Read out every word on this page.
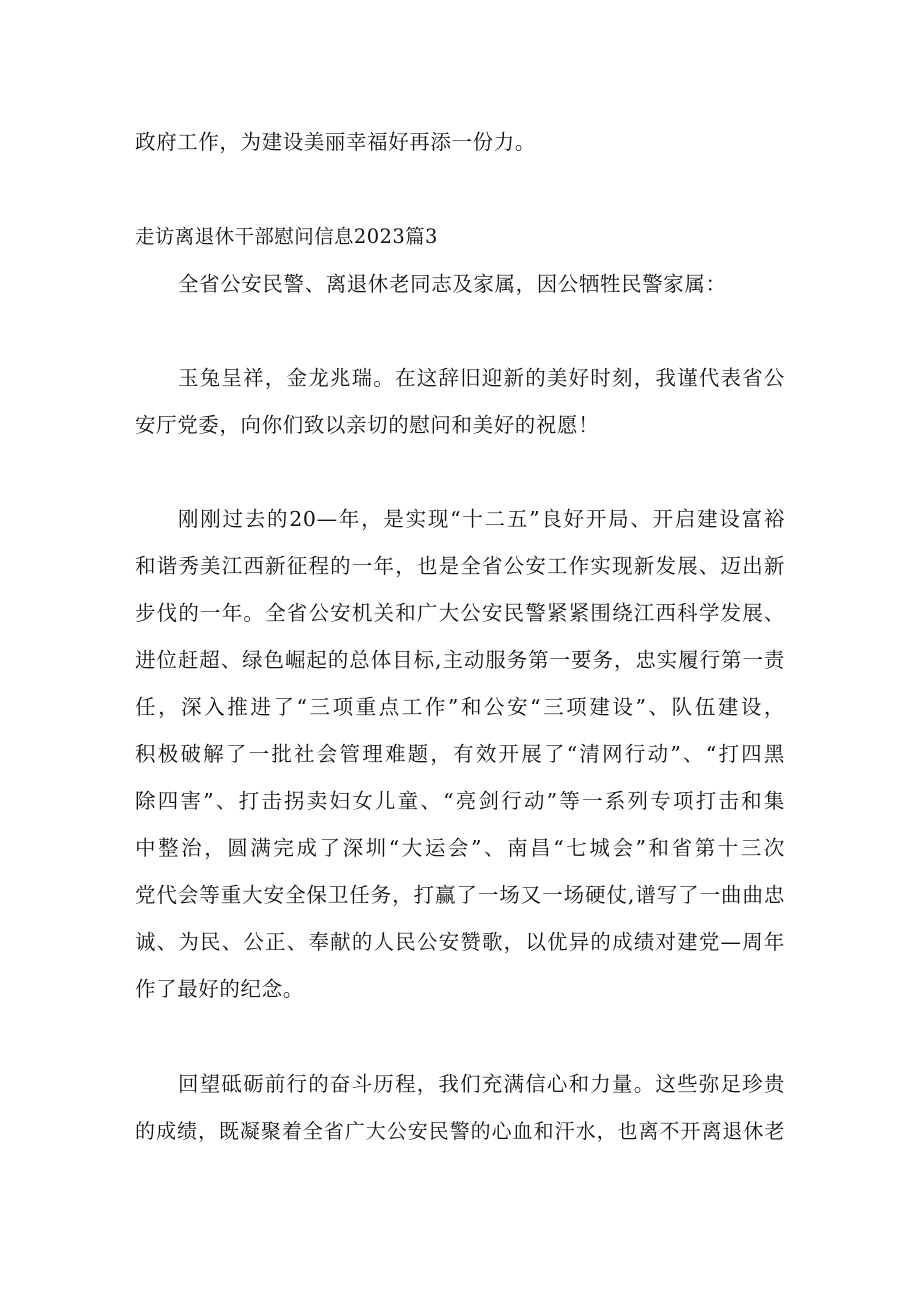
政府工作，为建设美丽幸福好再添一份力。
走访离退休干部慰问信息2023篇3
全省公安民警、离退休老同志及家属，因公牺牲民警家属：
玉兔呈祥，金龙兆瑞。在这辞旧迎新的美好时刻，我谨代表省公
安厅党委，向你们致以亲切的慰问和美好的祝愿！
刚刚过去的20—年，是实现“十二五”良好开局、开启建设富裕
和谐秀美江西新征程的一年，也是全省公安工作实现新发展、迈出新
步伐的一年。全省公安机关和广大公安民警紧紧围绕江西科学发展、
进位赶超、绿色崛起的总体目标,主动服务第一要务，忠实履行第一责
任，深入推进了“三项重点工作”和公安“三项建设”、队伍建设，
积极破解了一批社会管理难题，有效开展了“清网行动”、“打四黑
除四害”、打击拐卖妇女儿童、“亮剑行动”等一系列专项打击和集
中整治，圆满完成了深圳“大运会”、南昌“七城会”和省第十三次
党代会等重大安全保卫任务，打赢了一场又一场硬仗,谱写了一曲曲忠
诚、为民、公正、奉献的人民公安赞歌，以优异的成绩对建党—周年
作了最好的纪念。
回望砥砺前行的奋斗历程，我们充满信心和力量。这些弥足珍贵
的成绩，既凝聚着全省广大公安民警的心血和汗水，也离不开离退休老
